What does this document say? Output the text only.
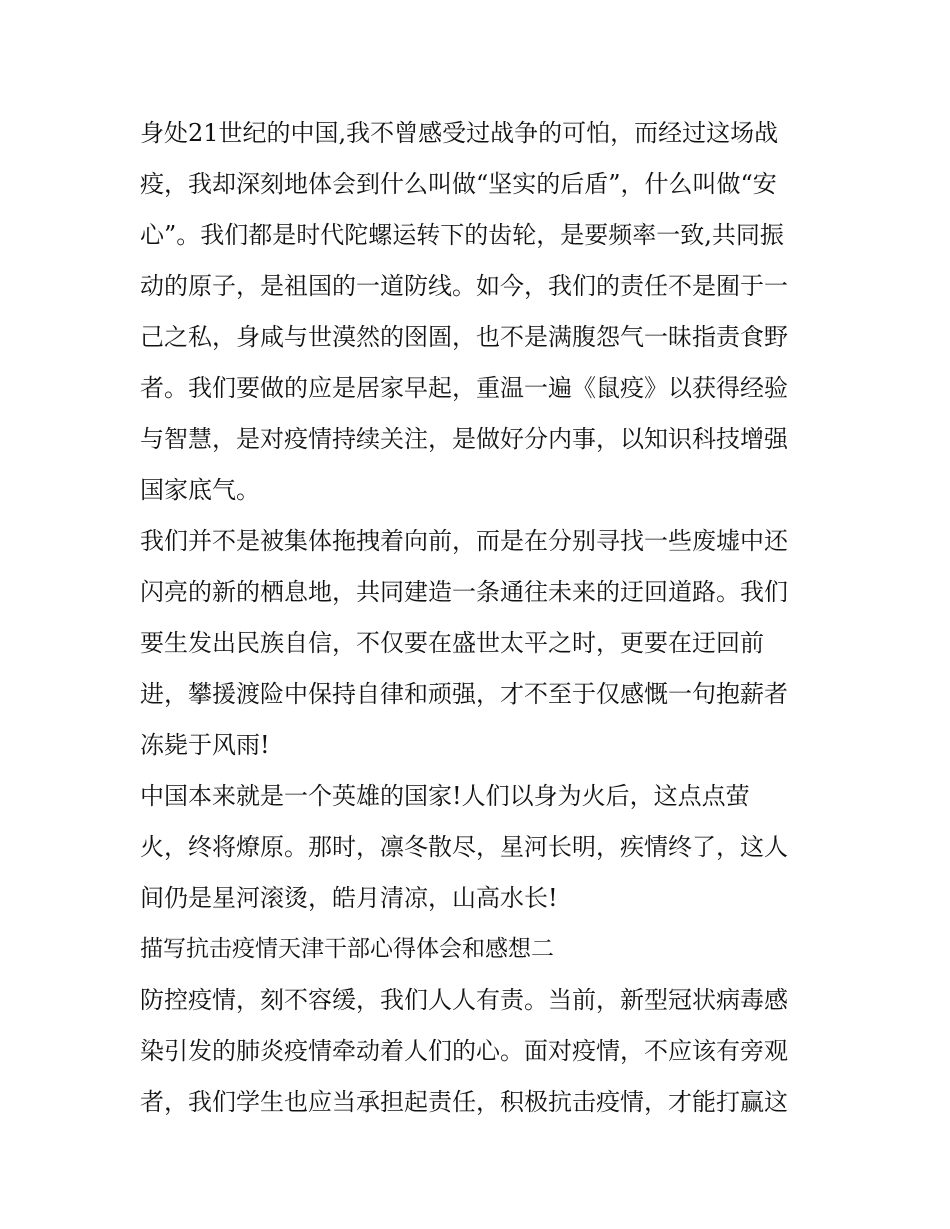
身处21世纪的中国,我不曾感受过战争的可怕，而经过这场战
疫，我却深刻地体会到什么叫做“坚实的后盾”，什么叫做“安
心”。我们都是时代陀螺运转下的齿轮，是要频率一致,共同振
动的原子，是祖国的一道防线。如今，我们的责任不是囿于一
己之私，身咸与世漠然的囹圄，也不是满腹怨气一昧指责食野
者。我们要做的应是居家早起，重温一遍《鼠疫》以获得经验
与智慧，是对疫情持续关注，是做好分内事，以知识科技增强
国家底气。
我们并不是被集体拖拽着向前，而是在分别寻找一些废墟中还
闪亮的新的栖息地，共同建造一条通往未来的迂回道路。我们
要生发出民族自信，不仅要在盛世太平之时，更要在迂回前
进，攀援渡险中保持自律和顽强，才不至于仅感慨一句抱薪者
冻毙于风雨!
中国本来就是一个英雄的国家!人们以身为火后，这点点萤
火，终将燎原。那时，凛冬散尽，星河长明，疾情终了，这人
间仍是星河滚烫，皓月清凉，山高水长!
描写抗击疫情天津干部心得体会和感想二
防控疫情，刻不容缓，我们人人有责。当前，新型冠状病毒感
染引发的肺炎疫情牵动着人们的心。面对疫情，不应该有旁观
者，我们学生也应当承担起责任，积极抗击疫情，才能打赢这
